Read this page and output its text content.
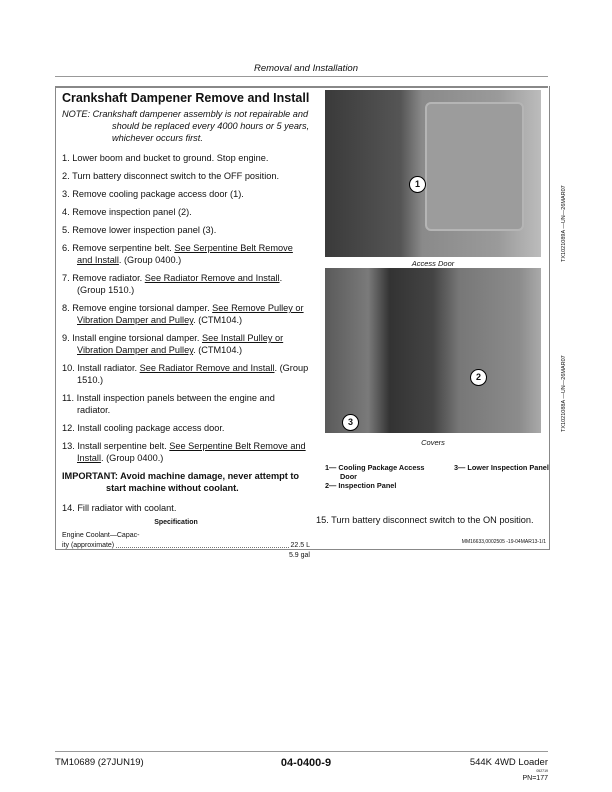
Removal and Installation
Crankshaft Dampener Remove and Install
NOTE: Crankshaft dampener assembly is not repairable and should be replaced every 4000 hours or 5 years, whichever occurs first.
1. Lower boom and bucket to ground. Stop engine.
2. Turn battery disconnect switch to the OFF position.
3. Remove cooling package access door (1).
4. Remove inspection panel (2).
5. Remove lower inspection panel (3).
6. Remove serpentine belt. See Serpentine Belt Remove and Install. (Group 0400.)
7. Remove radiator. See Radiator Remove and Install. (Group 1510.)
8. Remove engine torsional damper. See Remove Pulley or Vibration Damper and Pulley. (CTM104.)
9. Install engine torsional damper. See Install Pulley or Vibration Damper and Pulley. (CTM104.)
10. Install radiator. See Radiator Remove and Install. (Group 1510.)
11. Install inspection panels between the engine and radiator.
12. Install cooling package access door.
13. Install serpentine belt. See Serpentine Belt Remove and Install. (Group 0400.)
IMPORTANT: Avoid machine damage, never attempt to start machine without coolant.
14. Fill radiator with coolant.
Specification
Engine Coolant—Capac-
ity (approximate)	22.5 L
5.9 gal
1
Access Door
TX1021089A —UN—26MAR07
2
3
Covers
TX1021088A —UN—26MAR07
1— Cooling Package Access Door
2— Inspection Panel
3— Lower Inspection Panel
15. Turn battery disconnect switch to the ON position.
MM16633,0002505 -19-04MAR13-1/1
TM10689 (27JUN19)	04-0400-9	544K 4WD Loader
052719
PN=177
